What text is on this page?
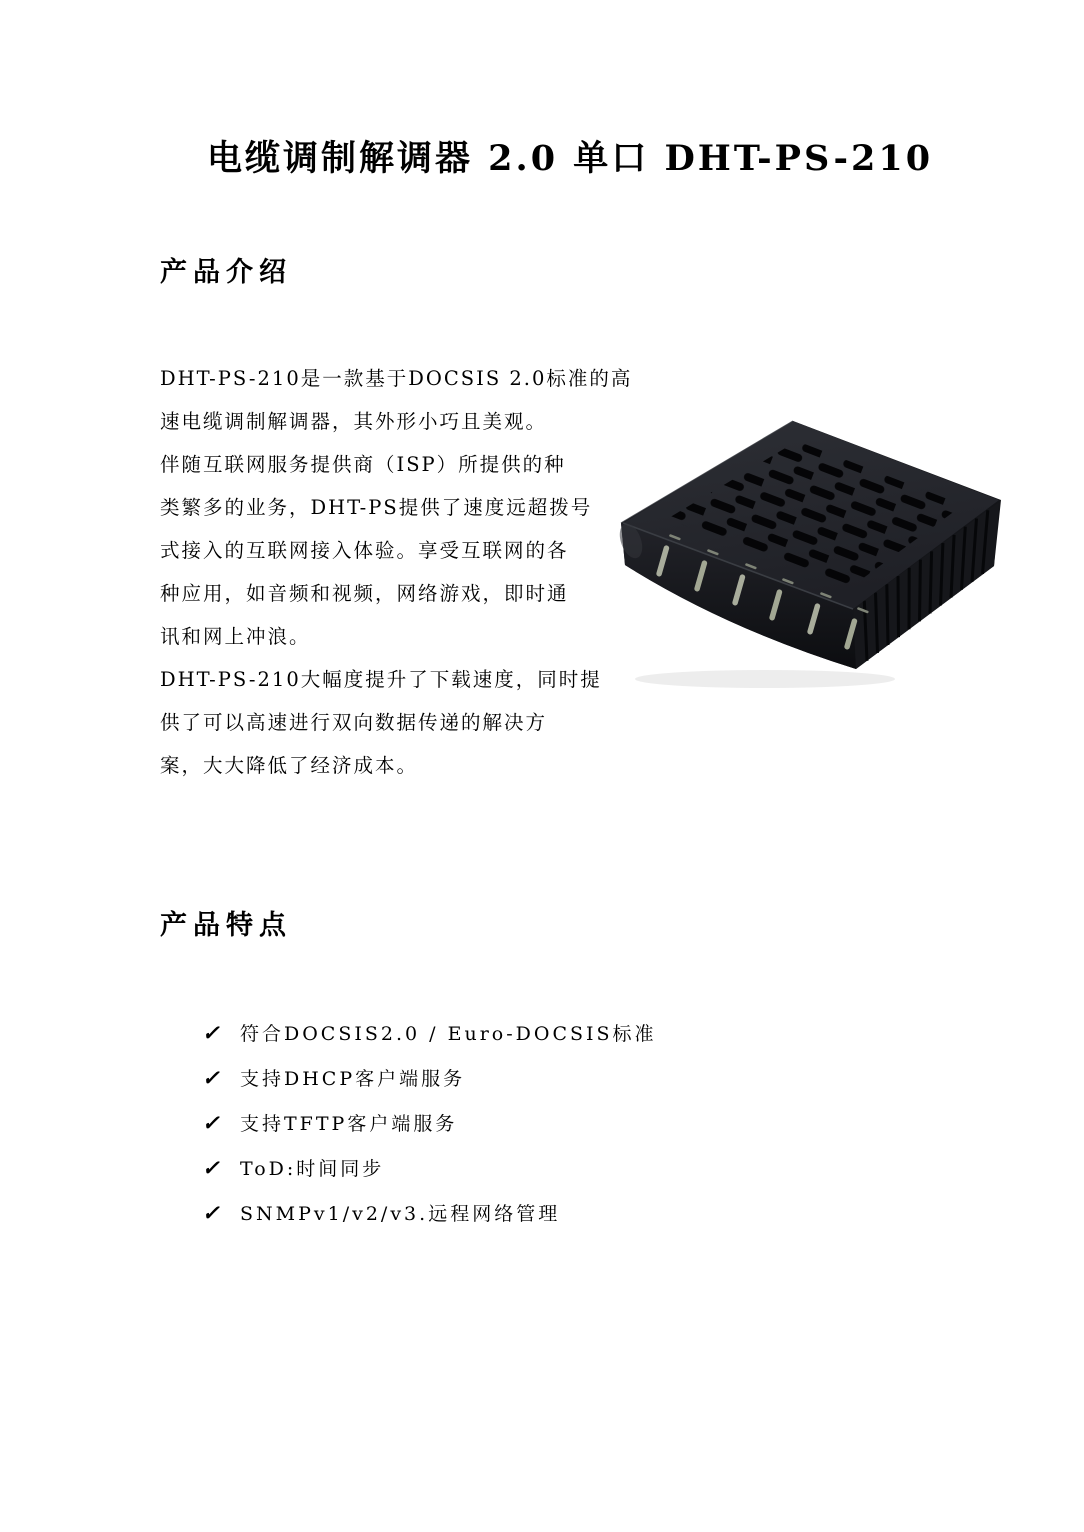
电缆调制解调器 2.0 单口 DHT-PS-210
产品介绍
DHT-PS-210是一款基于DOCSIS 2.0标准的高
速电缆调制解调器，其外形小巧且美观。
伴随互联网服务提供商（ISP）所提供的种
类繁多的业务，DHT-PS提供了速度远超拨号
式接入的互联网接入体验。享受互联网的各
种应用，如音频和视频，网络游戏，即时通
讯和网上冲浪。
DHT-PS-210大幅度提升了下载速度，同时提
供了可以高速进行双向数据传递的解决方
案，大大降低了经济成本。
产品特点
✓	符合DOCSIS2.0 / Euro-DOCSIS标准
✓	支持DHCP客户端服务
✓	支持TFTP客户端服务
✓	ToD:时间同步
✓	SNMPv1/v2/v3.远程网络管理
